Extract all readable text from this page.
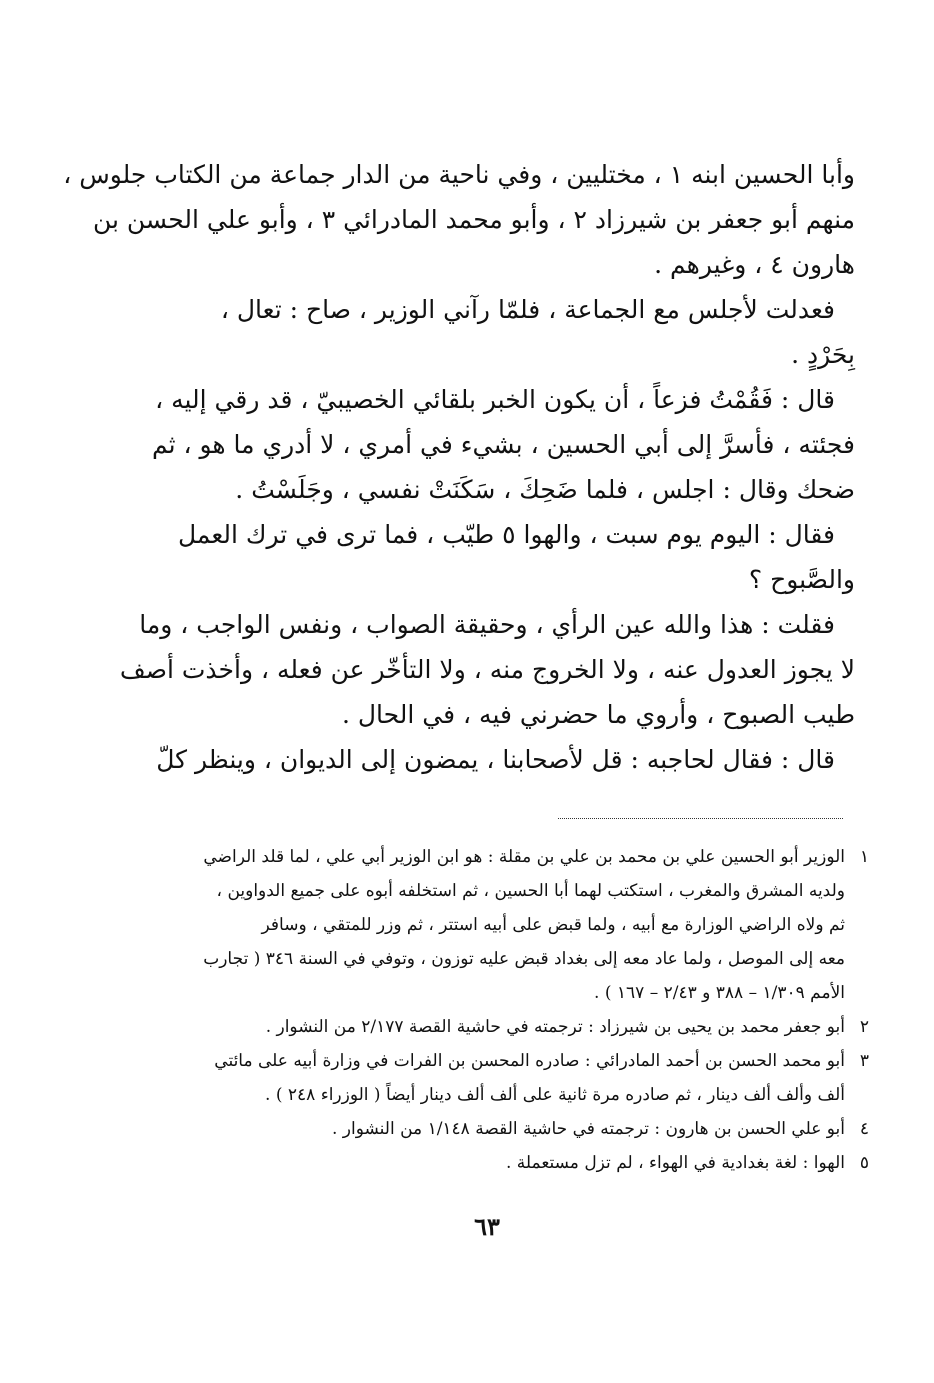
وأبا الحسين ابنه ١ ، مختليين ، وفي ناحية من الدار جماعة من الكتاب جلوس ،
منهم أبو جعفر بن شيرزاد ٢ ، وأبو محمد المادرائي ٣ ، وأبو علي الحسن بن
هارون ٤ ، وغيرهم .
فعدلت لأجلس مع الجماعة ، فلمّا رآني الوزير ، صاح : تعال ،
بِحَرْدٍ .
قال : فَقُمْتُ فزعاً ، أن يكون الخبر بلقائي الخصيبيّ ، قد رقي إليه ،
فجئته ، فأسرَّ إلى أبي الحسين ، بشيء في أمري ، لا أدري ما هو ، ثم
ضحك وقال : اجلس ، فلما ضَحِكَ ، سَكَنَتْ نفسي ، وجَلَسْتُ .
فقال : اليوم يوم سبت ، والهوا ٥ طيّب ، فما ترى في ترك العمل
والصَّبوح ؟
فقلت : هذا والله عين الرأي ، وحقيقة الصواب ، ونفس الواجب ، وما
لا يجوز العدول عنه ، ولا الخروج منه ، ولا التأخّر عن فعله ، وأخذت أصف
طيب الصبوح ، وأروي ما حضرني فيه ، في الحال .
قال : فقال لحاجبه : قل لأصحابنا ، يمضون إلى الديوان ، وينظر كلّ
١
الوزير أبو الحسين علي بن محمد بن علي بن مقلة : هو ابن الوزير أبي علي ، لما قلد الراضي
ولديه المشرق والمغرب ، استكتب لهما أبا الحسين ، ثم استخلفه أبوه على جميع الدواوين ،
ثم ولاه الراضي الوزارة مع أبيه ، ولما قبض على أبيه استتر ، ثم وزر للمتقي ، وسافر
معه إلى الموصل ، ولما عاد معه إلى بغداد قبض عليه توزون ، وتوفي في السنة ٣٤٦ ( تجارب
الأمم ١/٣٠٩ – ٣٨٨ و ٢/٤٣ – ١٦٧ ) .
٢
أبو جعفر محمد بن يحيى بن شيرزاد : ترجمته في حاشية القصة ٢/١٧٧ من النشوار .
٣
أبو محمد الحسن بن أحمد المادرائي : صادره المحسن بن الفرات في وزارة أبيه على مائتي
ألف وألف ألف دينار ، ثم صادره مرة ثانية على ألف ألف دينار أيضاً ( الوزراء ٢٤٨ ) .
٤
أبو علي الحسن بن هارون : ترجمته في حاشية القصة ١/١٤٨ من النشوار .
٥
الهوا : لغة بغدادية في الهواء ، لم تزل مستعملة .
٦٣
